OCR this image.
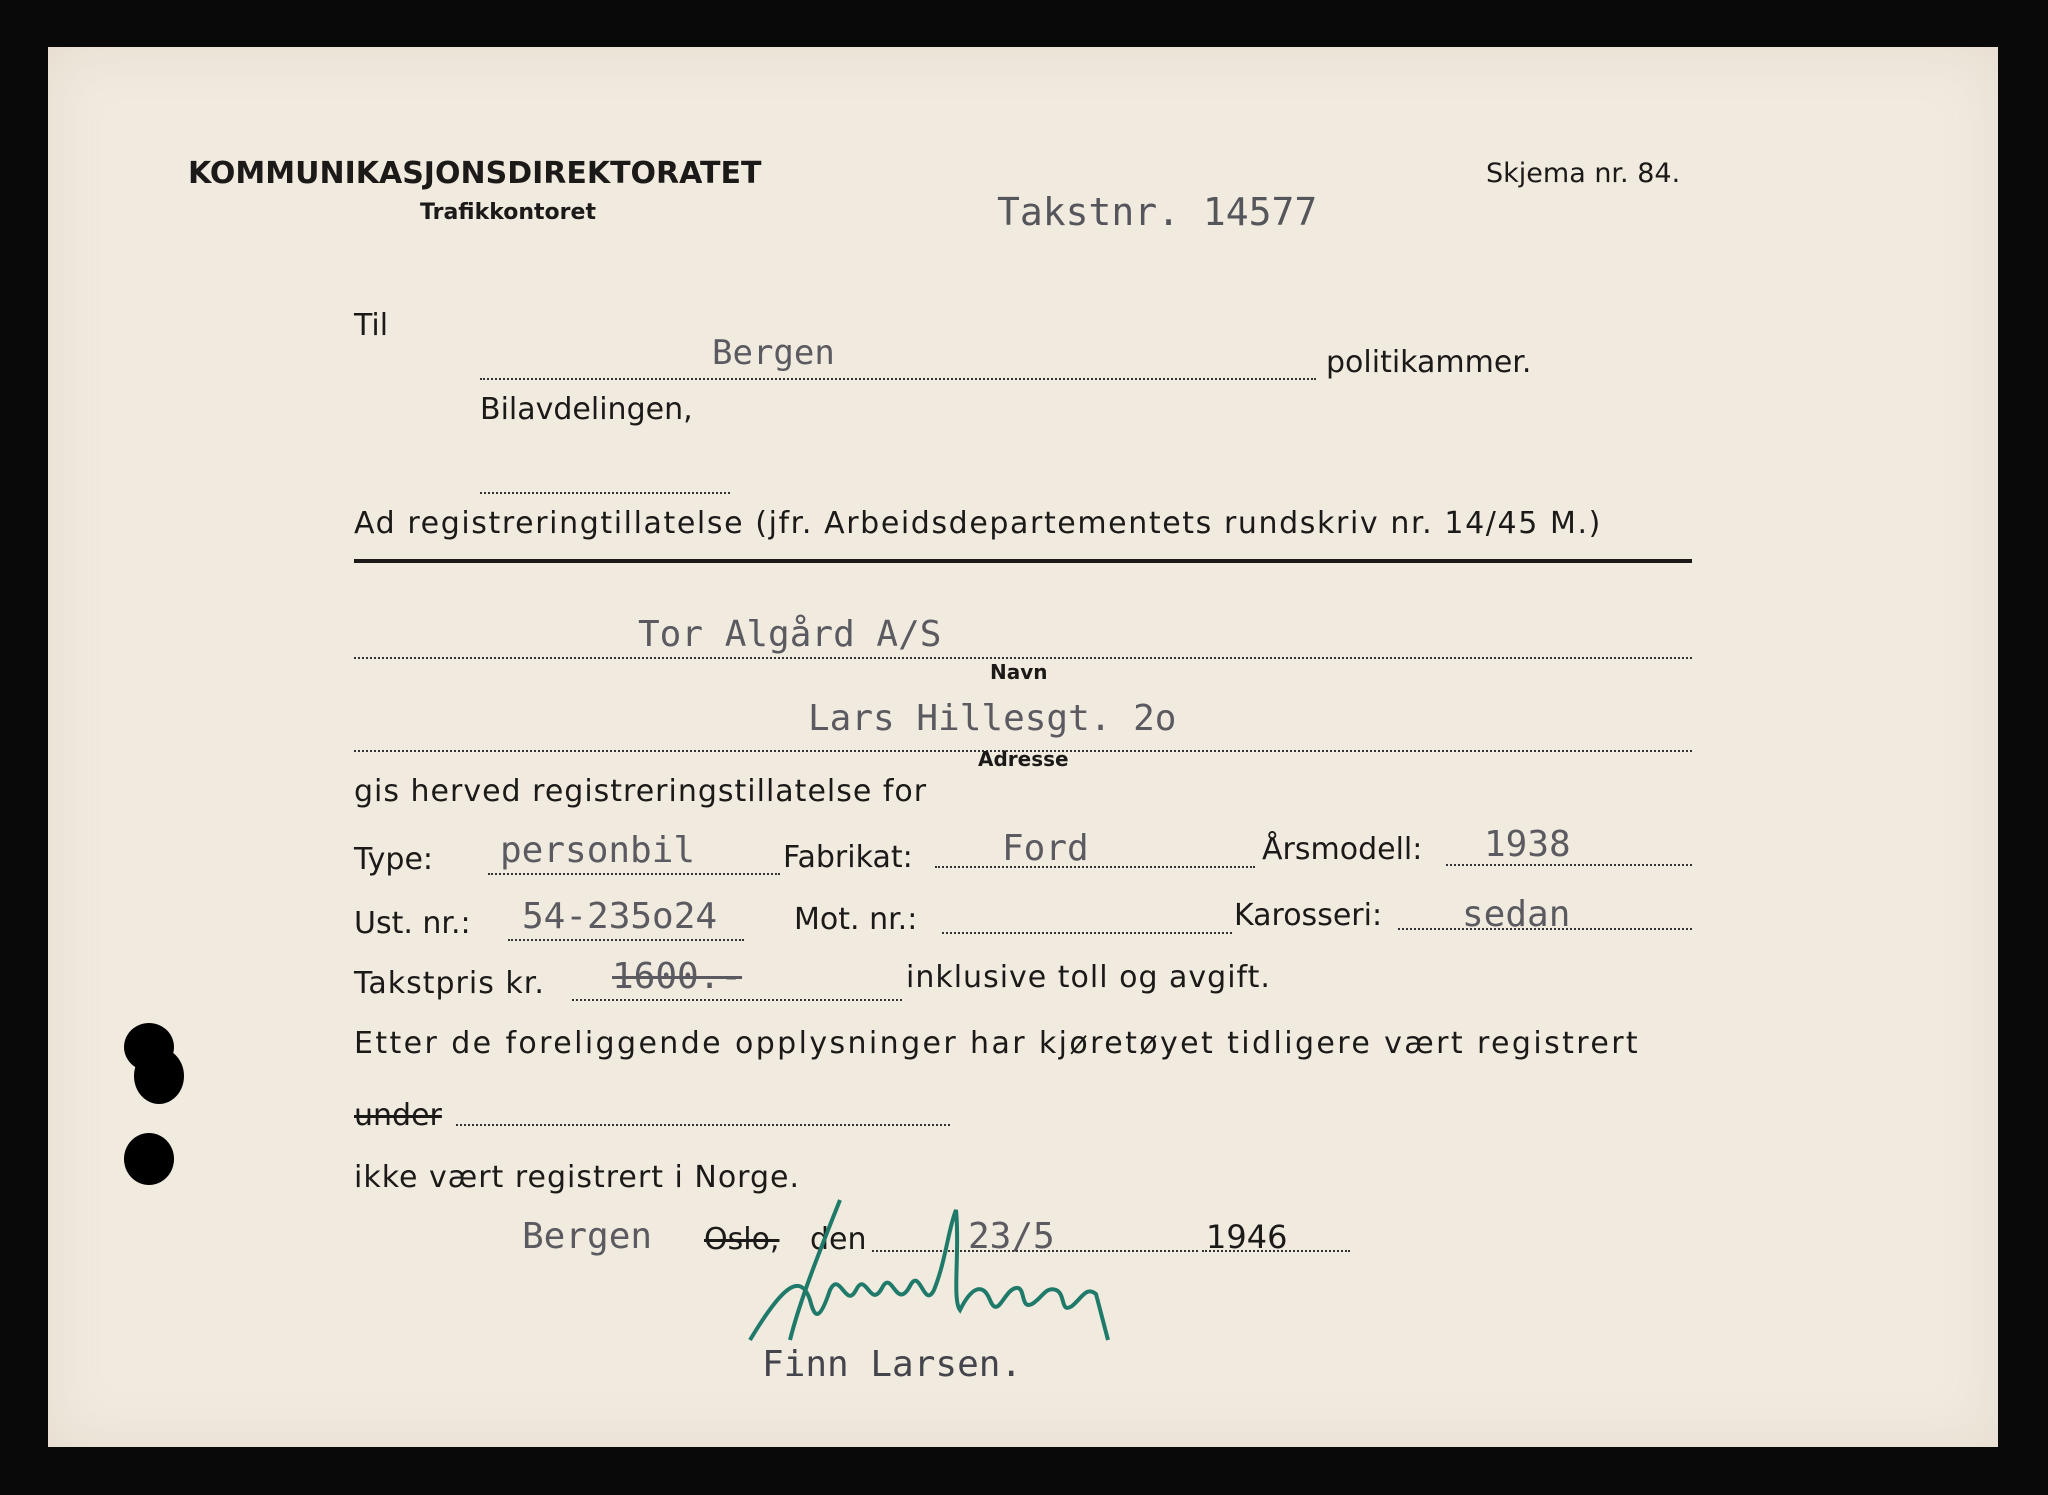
KOMMUNIKASJONSDIREKTORATET
Trafikkontoret
Skjema nr. 84.
Takstnr. 14577
Til
Bergen	politikammer.
Bilavdelingen,
Ad registreringtillatelse (jfr. Arbeidsdepartementets rundskriv nr. 14/45 M.)
Tor Algård A/S
Navn
Lars Hillesgt. 2o
Adresse
gis herved registreringstillatelse for
Type: personbil	Fabrikat: Ford	Årsmodell: 1938
Ust. nr.: 54-235o24	Mot. nr.:	Karosseri: sedan
Takstpris kr. 1600.-	inklusive toll og avgift.
Etter de foreliggende opplysninger har kjøretøyet tidligere vært registrert
under
ikke vært registrert i Norge.
Bergen Oslo, den	23/5	1946
Finn Larsen.
